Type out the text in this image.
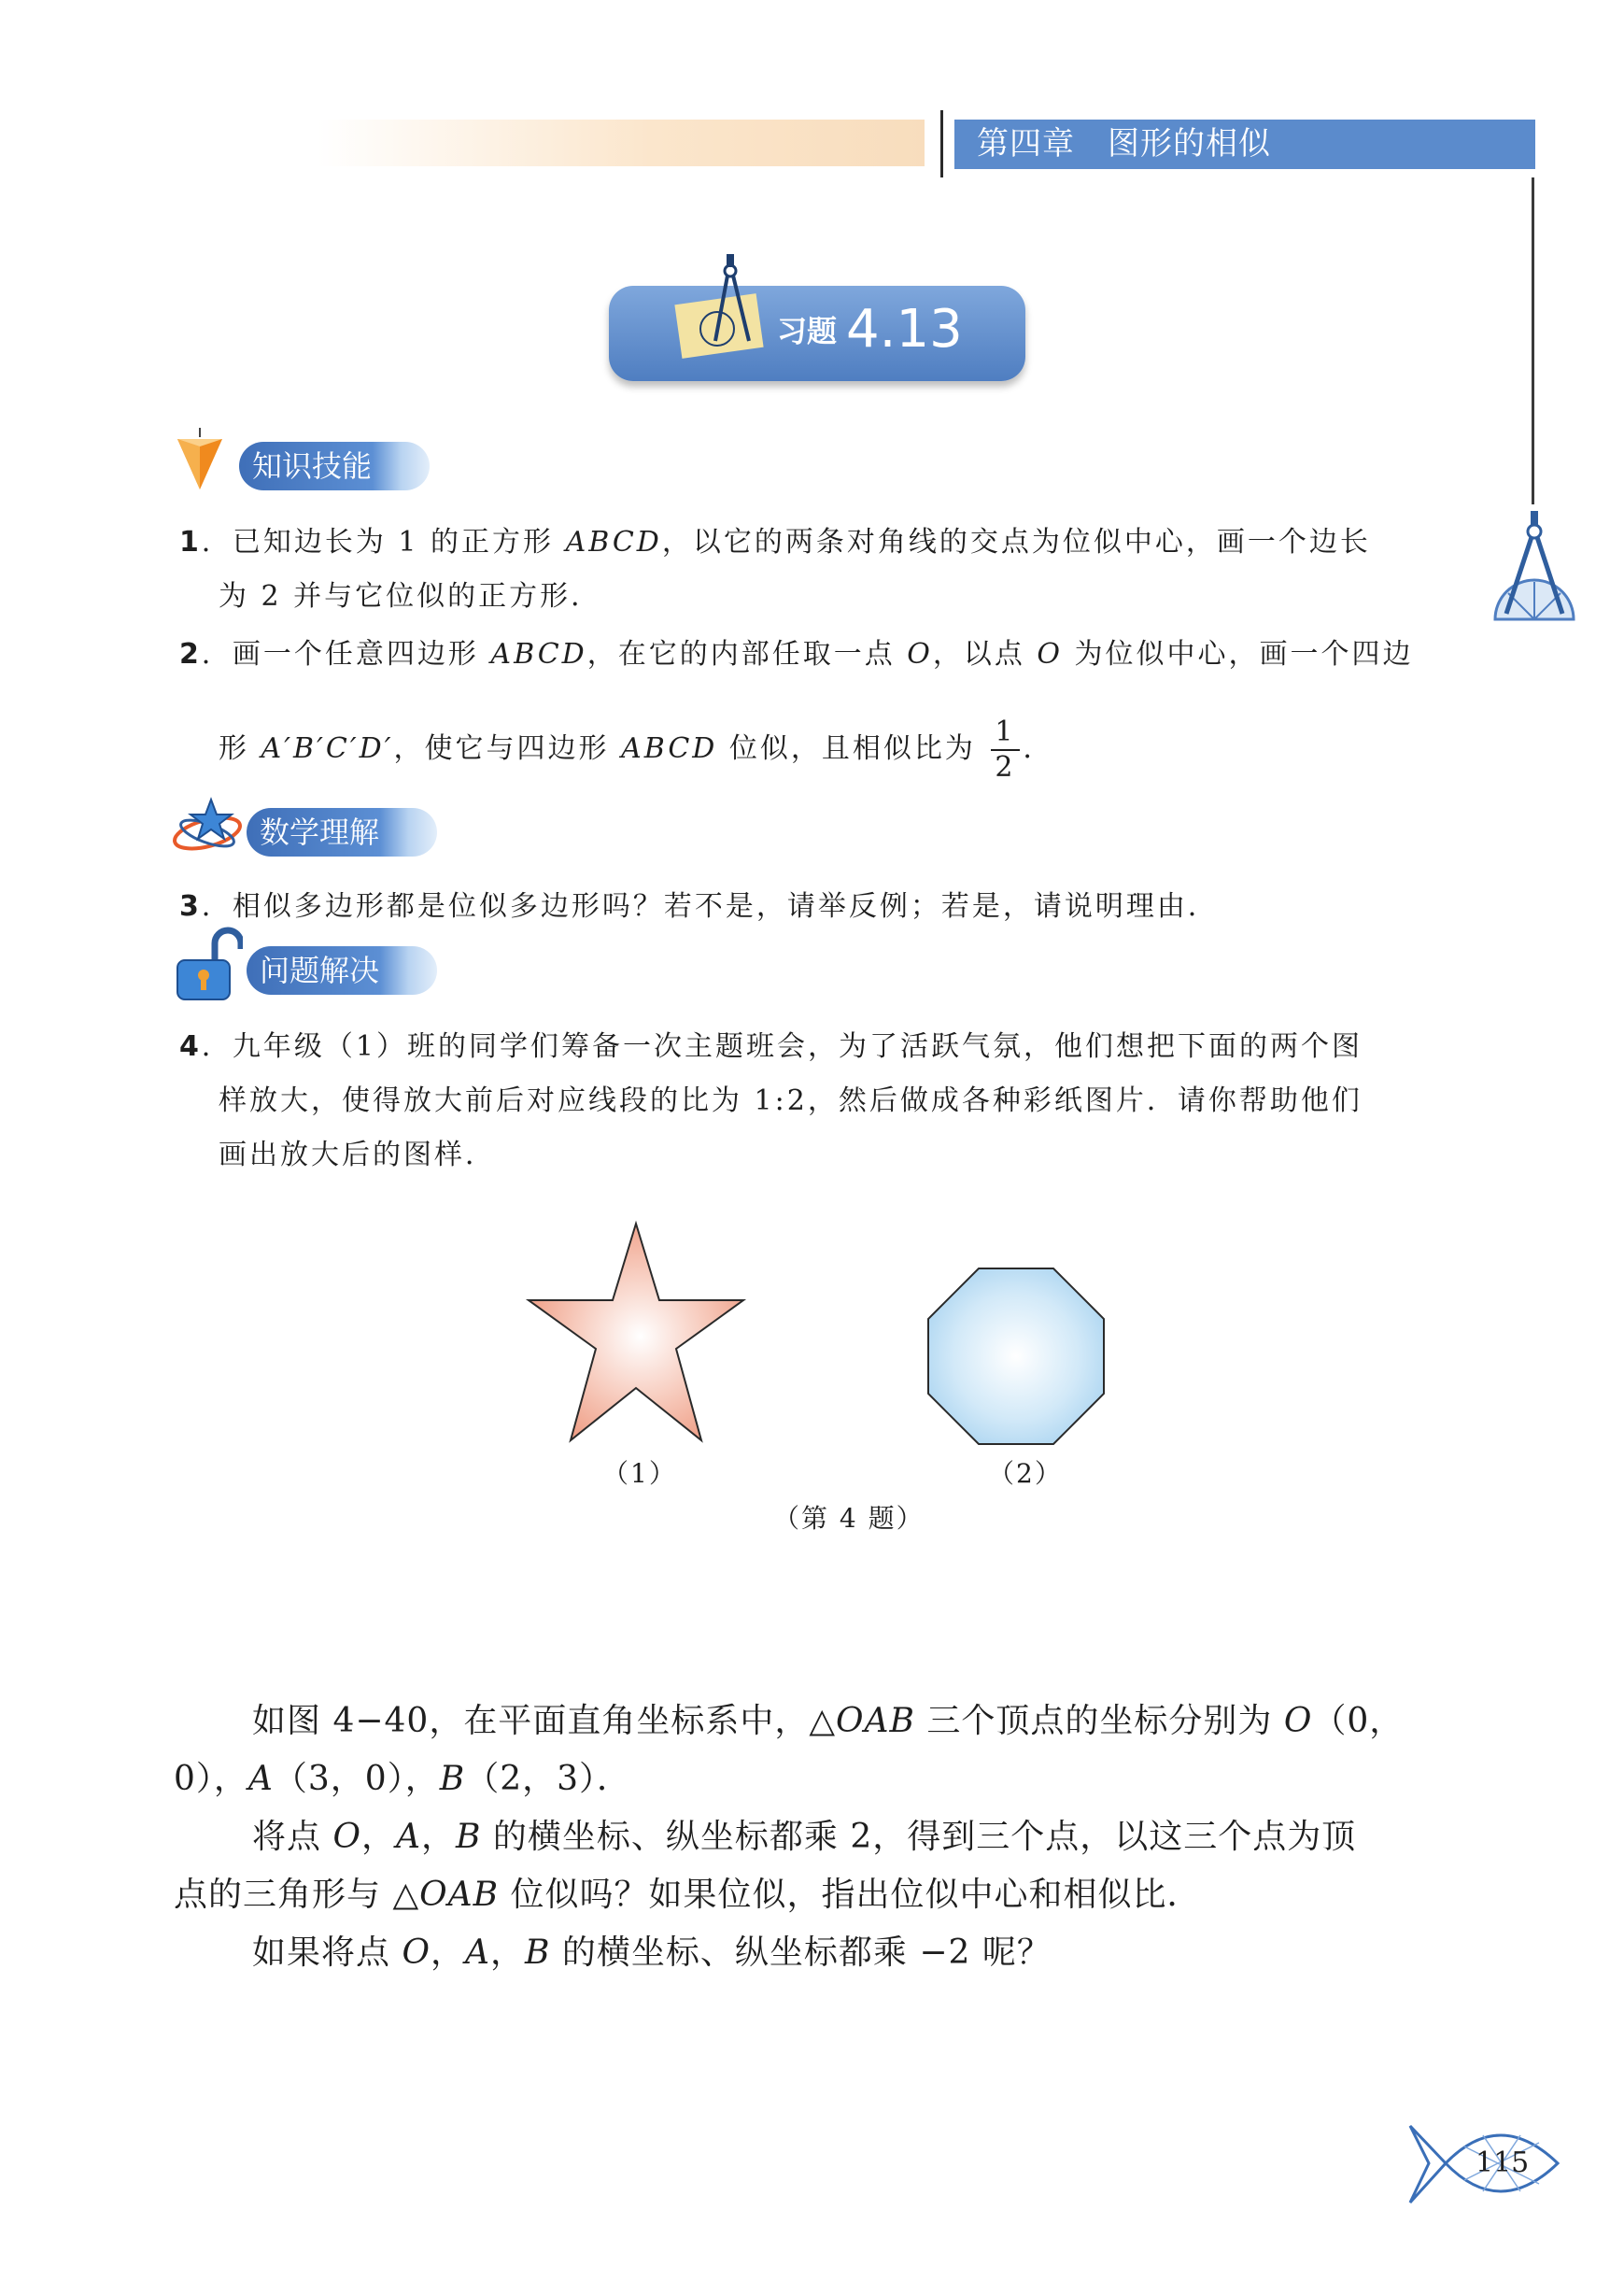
第四章　图形的相似
习题 4.13
知识技能
1．已知边长为 1 的正方形 ABCD，以它的两条对角线的交点为位似中心，画一个边长
为 2 并与它位似的正方形．
2．画一个任意四边形 ABCD，在它的内部任取一点 O，以点 O 为位似中心，画一个四边
形 A′B′C′D′，使它与四边形 ABCD 位似，且相似比为 $\frac{1}{2}$ ．
数学理解
3．相似多边形都是位似多边形吗？若不是，请举反例；若是，请说明理由．
问题解决
4．九年级（1）班的同学们筹备一次主题班会，为了活跃气氛，他们想把下面的两个图
样放大，使得放大前后对应线段的比为 1:2，然后做成各种彩纸图片．请你帮助他们
画出放大后的图样．
（1）	（2）
（第 4 题）
如图 4−40，在平面直角坐标系中，△OAB 三个顶点的坐标分别为 O（0，
0），A（3，0），B（2，3）．
将点 O，A，B 的横坐标、纵坐标都乘 2，得到三个点，以这三个点为顶
点的三角形与 △OAB 位似吗？如果位似，指出位似中心和相似比．
如果将点 O，A，B 的横坐标、纵坐标都乘 −2 呢？
115
